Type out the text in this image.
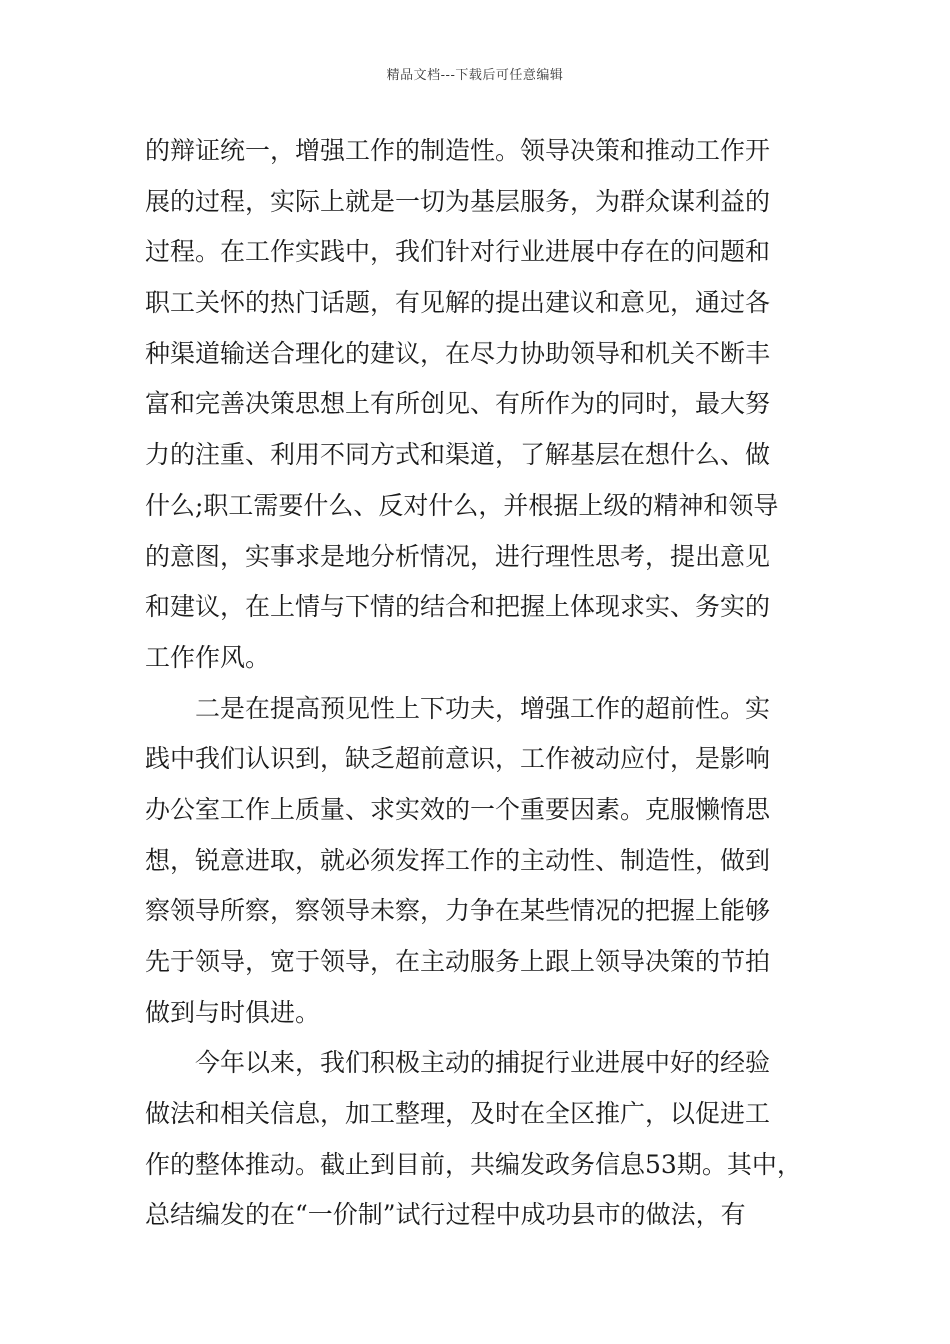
精品文档---下载后可任意编辑
的辩证统一，增强工作的制造性。领导决策和推动工作开
展的过程，实际上就是一切为基层服务，为群众谋利益的
过程。在工作实践中，我们针对行业进展中存在的问题和
职工关怀的热门话题，有见解的提出建议和意见，通过各
种渠道输送合理化的建议，在尽力协助领导和机关不断丰
富和完善决策思想上有所创见、有所作为的同时，最大努
力的注重、利用不同方式和渠道，了解基层在想什么、做
什么;职工需要什么、反对什么，并根据上级的精神和领导
的意图，实事求是地分析情况，进行理性思考，提出意见
和建议，在上情与下情的结合和把握上体现求实、务实的
工作作风。
二是在提高预见性上下功夫，增强工作的超前性。实
践中我们认识到，缺乏超前意识，工作被动应付，是影响
办公室工作上质量、求实效的一个重要因素。克服懒惰思
想，锐意进取，就必须发挥工作的主动性、制造性，做到
察领导所察，察领导未察，力争在某些情况的把握上能够
先于领导，宽于领导，在主动服务上跟上领导决策的节拍
做到与时俱进。
今年以来，我们积极主动的捕捉行业进展中好的经验
做法和相关信息，加工整理，及时在全区推广，以促进工
作的整体推动。截止到目前，共编发政务信息53期。其中，
总结编发的在“一价制”试行过程中成功县市的做法，有
